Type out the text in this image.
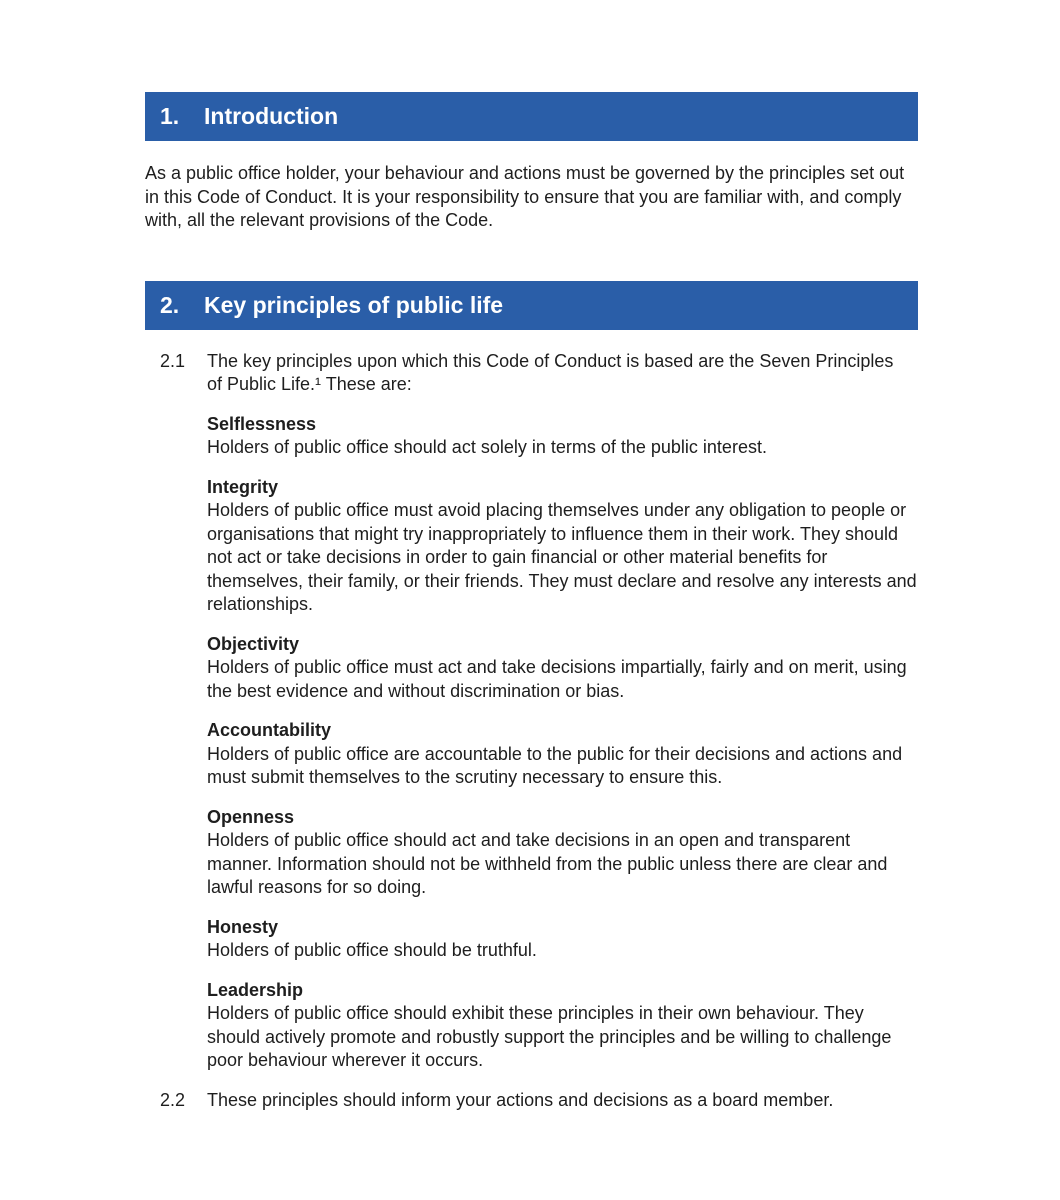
1.	Introduction

As a public office holder, your behaviour and actions must be governed by the principles set out in this Code of Conduct. It is your responsibility to ensure that you are familiar with, and comply with, all the relevant provisions of the Code.

2.	Key principles of public life
2.1	The key principles upon which this Code of Conduct is based are the Seven Principles of Public Life.¹ These are:
Selflessness
Holders of public office should act solely in terms of the public interest.
Integrity
Holders of public office must avoid placing themselves under any obligation to people or organisations that might try inappropriately to influence them in their work. They should not act or take decisions in order to gain financial or other material benefits for themselves, their family, or their friends. They must declare and resolve any interests and relationships.
Objectivity
Holders of public office must act and take decisions impartially, fairly and on merit, using the best evidence and without discrimination or bias.
Accountability
Holders of public office are accountable to the public for their decisions and actions and must submit themselves to the scrutiny necessary to ensure this.
Openness
Holders of public office should act and take decisions in an open and transparent manner. Information should not be withheld from the public unless there are clear and lawful reasons for so doing.
Honesty
Holders of public office should be truthful.
Leadership
Holders of public office should exhibit these principles in their own behaviour. They should actively promote and robustly support the principles and be willing to challenge poor behaviour wherever it occurs.
2.2	These principles should inform your actions and decisions as a board member.
